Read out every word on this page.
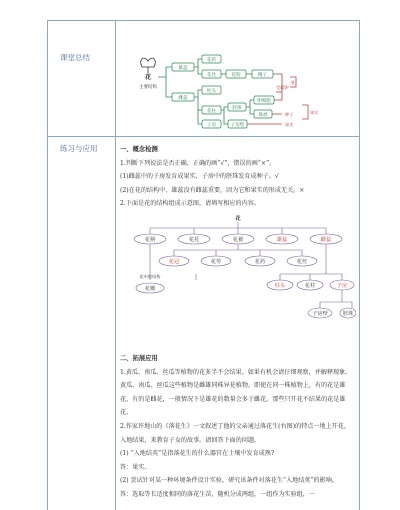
课堂总结
练习与应用
花
主要结构
雄蕊
花药
花丝	花粉	精子
雌蕊
柱头
花柱
子房
胚珠
子房壁
卵细胞
珠被
受精卵
胚
种子
果皮
果实

一、概念检测

1.判断下列说法是否正确，正确的画“√”，错误的画“×”。

(1)雌蕊中的子房发育成果实，子房中的胚珠发育成种子。√

(2)在花的结构中，雄蕊没有雌蕊重要，因为它和果实的形成无关。×

2.下面是花的结构组成示意图，请填写相应的内容。

花
花柄	花托	花被	雄蕊	雌蕊
花冠	花萼	花药	花丝
柱头	花柱	子房
子房壁	胚珠
花中的结构
花瓣

二、拓展应用

1.黄瓜、南瓜、丝瓜等植物的花多半不会结果。如果有机会请仔细观察，并解释现象。

黄瓜、南瓜、丝瓜这些植物是雌雄同株异花植物，即使在同一株植物上，有的花是雄花，有的是雌花，一般情况下是雄花的数量会多于雌花。那些只开花不结果的花是雄花。

2.作家许地山的《落花生》一文叙述了他的父亲通过落花生(右图)的特点一地上开花，入地结果，来教育子女的故事。请回答下面的问题。

(1) “入地结英”是指落花生的什么器官在土壤中发育成熟?

答：果实。

(2) 尝试针对某一种环境条件设计实验，研究该条件对落花生“入地结荚”的影响。

答：选取等长适度相同的落花生苗，随机分成两组，一组作为实验组，一
